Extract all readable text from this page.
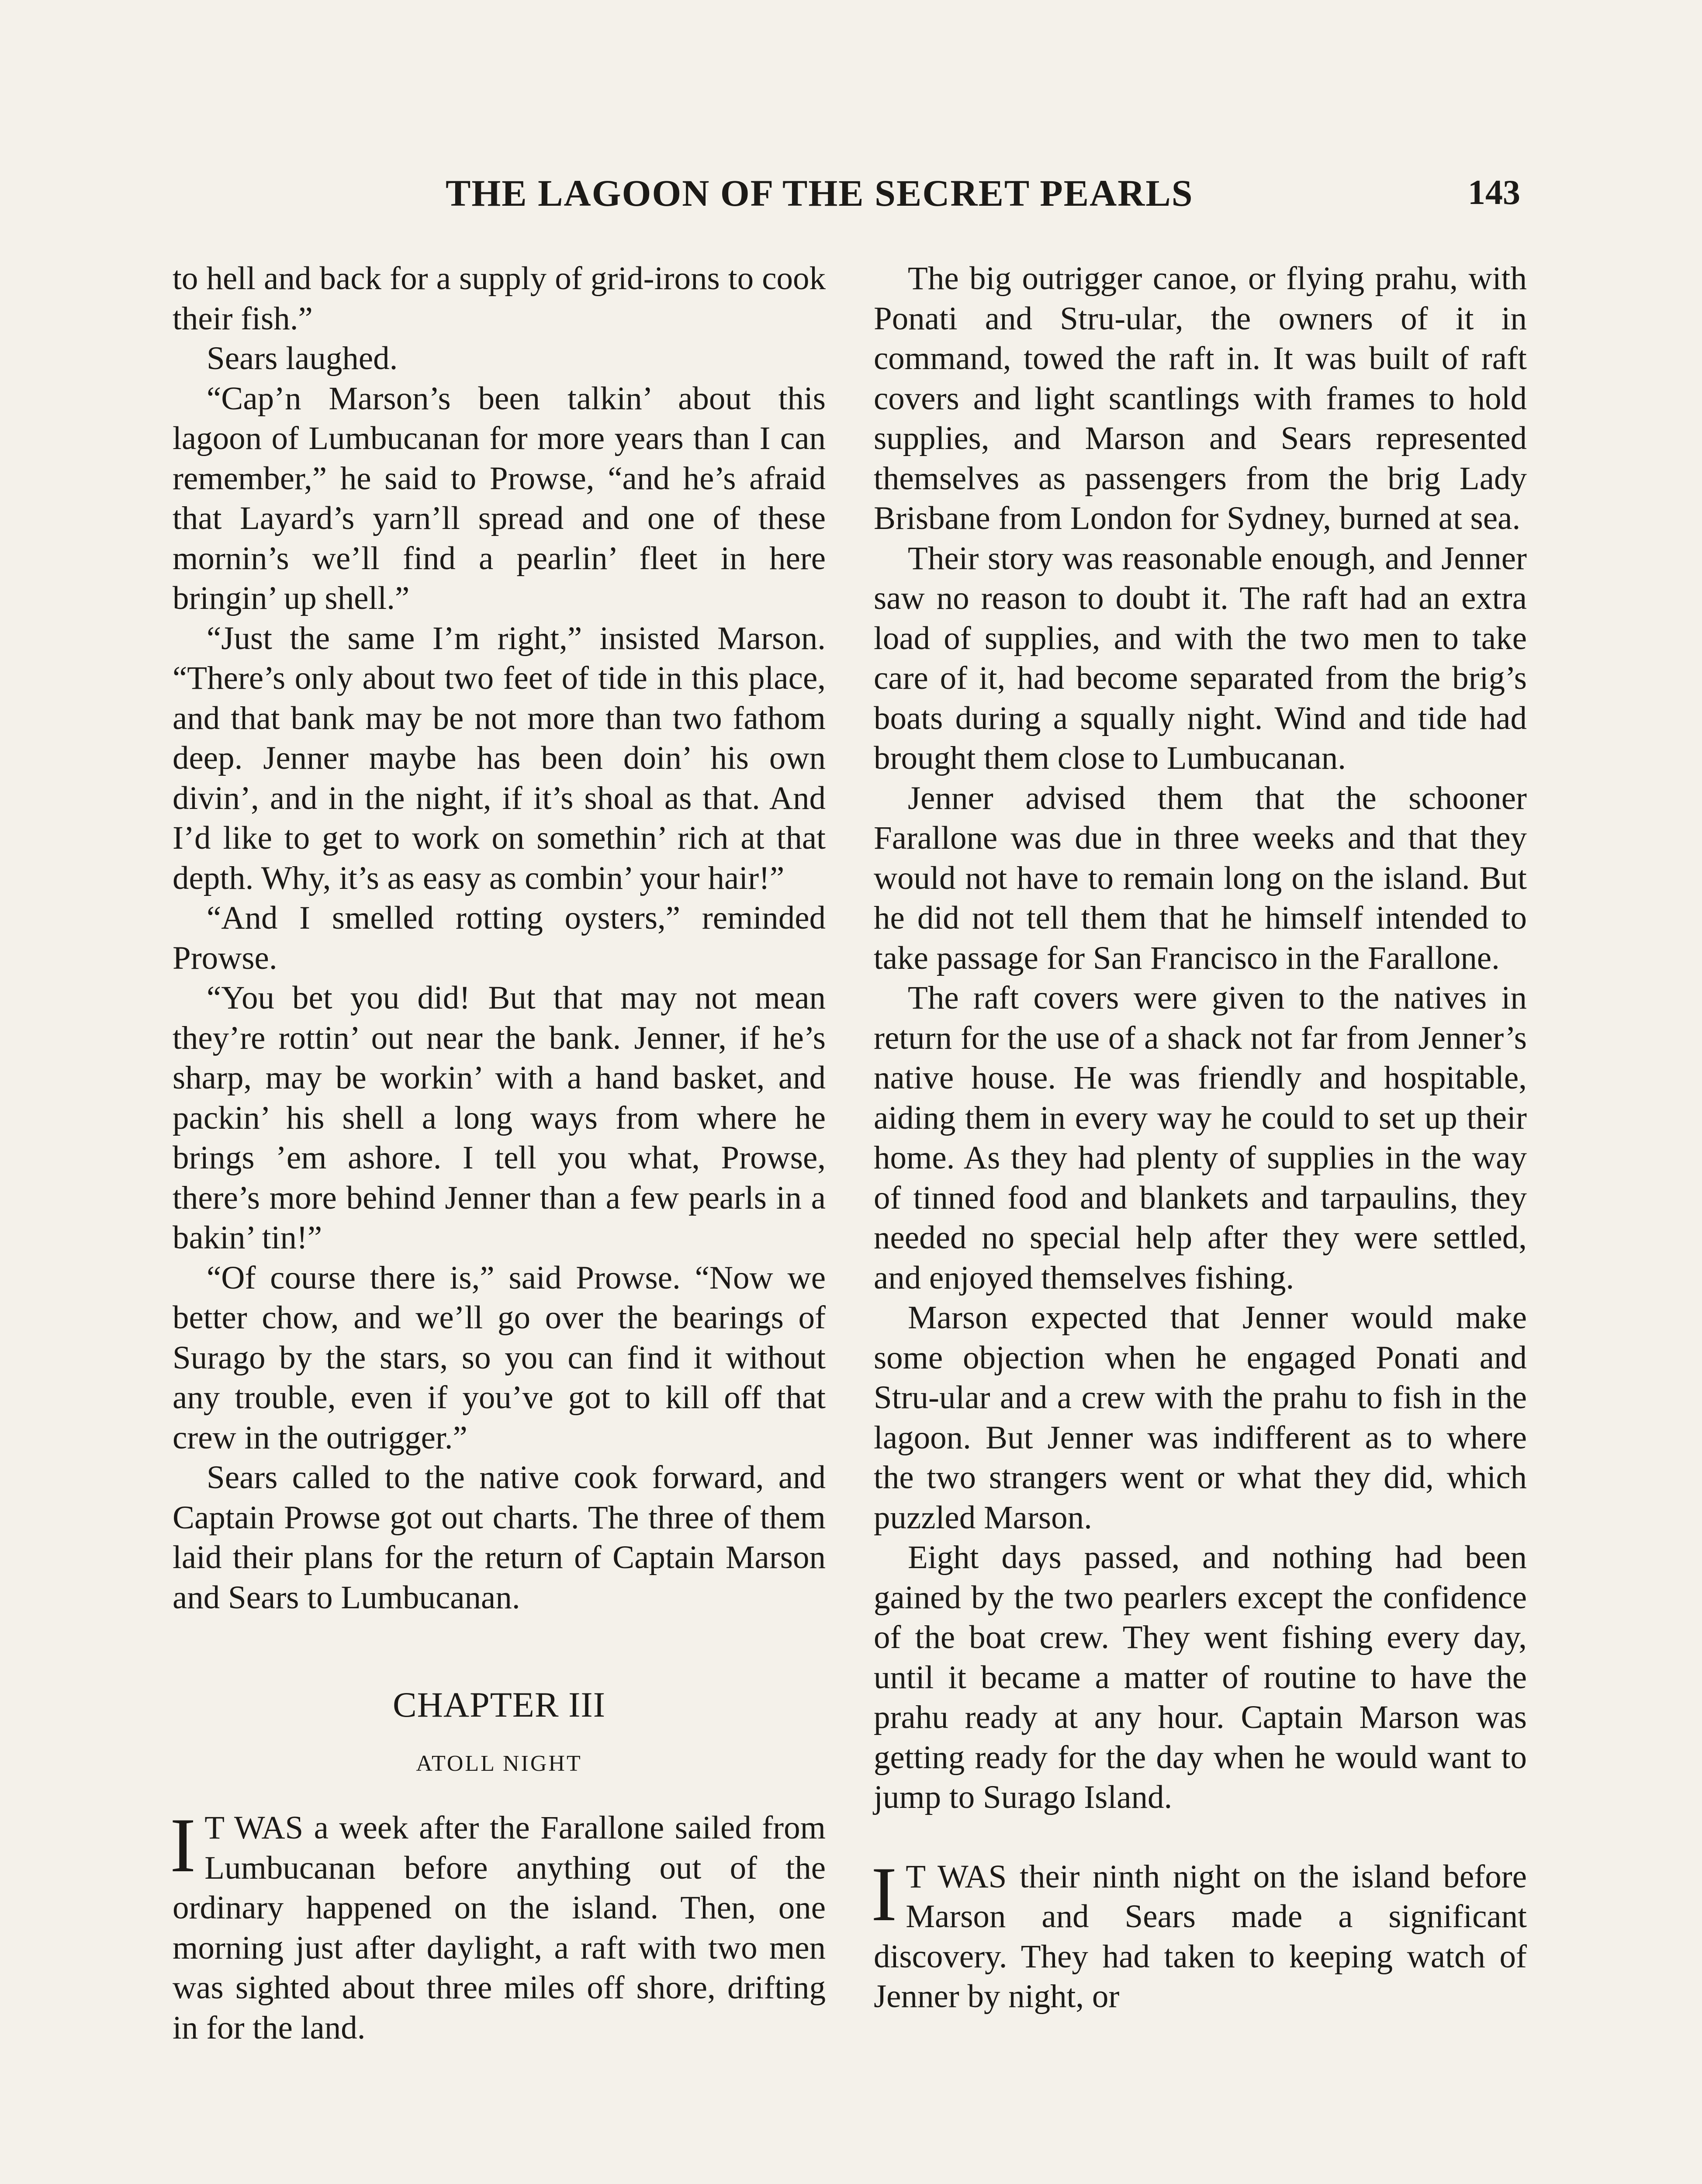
THE LAGOON OF THE SECRET PEARLS	143

to hell and back for a supply of grid-irons to cook their fish.”

Sears laughed.

“Cap’n Marson’s been talkin’ about this lagoon of Lumbucanan for more years than I can remember,” he said to Prowse, “and he’s afraid that Layard’s yarn’ll spread and one of these mornin’s we’ll find a pearlin’ fleet in here bringin’ up shell.”

“Just the same I’m right,” insisted Marson. “There’s only about two feet of tide in this place, and that bank may be not more than two fathom deep. Jenner maybe has been doin’ his own divin’, and in the night, if it’s shoal as that. And I’d like to get to work on somethin’ rich at that depth. Why, it’s as easy as combin’ your hair!”

“And I smelled rotting oysters,” reminded Prowse.

“You bet you did! But that may not mean they’re rottin’ out near the bank. Jenner, if he’s sharp, may be workin’ with a hand basket, and packin’ his shell a long ways from where he brings ’em ashore. I tell you what, Prowse, there’s more behind Jenner than a few pearls in a bakin’ tin!”

“Of course there is,” said Prowse. “Now we better chow, and we’ll go over the bearings of Surago by the stars, so you can find it without any trouble, even if you’ve got to kill off that crew in the outrigger.”

Sears called to the native cook forward, and Captain Prowse got out charts. The three of them laid their plans for the return of Captain Marson and Sears to Lumbucanan.

CHAPTER III
ATOLL NIGHT

I T WAS a week after the Farallone sailed from Lumbucanan before anything out of the ordinary happened on the island. Then, one morning just after daylight, a raft with two men was sighted about three miles off shore, drifting in for the land.

The big outrigger canoe, or flying prahu, with Ponati and Stru-ular, the owners of it in command, towed the raft in. It was built of raft covers and light scantlings with frames to hold supplies, and Marson and Sears represented themselves as passengers from the brig Lady Brisbane from London for Sydney, burned at sea.

Their story was reasonable enough, and Jenner saw no reason to doubt it. The raft had an extra load of supplies, and with the two men to take care of it, had become separated from the brig’s boats during a squally night. Wind and tide had brought them close to Lumbucanan.

Jenner advised them that the schooner Farallone was due in three weeks and that they would not have to remain long on the island. But he did not tell them that he himself intended to take passage for San Francisco in the Farallone.

The raft covers were given to the natives in return for the use of a shack not far from Jenner’s native house. He was friendly and hospitable, aiding them in every way he could to set up their home. As they had plenty of supplies in the way of tinned food and blankets and tarpaulins, they needed no special help after they were settled, and enjoyed themselves fishing.

Marson expected that Jenner would make some objection when he engaged Ponati and Stru-ular and a crew with the prahu to fish in the lagoon. But Jenner was indifferent as to where the two strangers went or what they did, which puzzled Marson.

Eight days passed, and nothing had been gained by the two pearlers except the confidence of the boat crew. They went fishing every day, until it became a matter of routine to have the prahu ready at any hour. Captain Marson was getting ready for the day when he would want to jump to Surago Island.

I T WAS their ninth night on the island before Marson and Sears made a significant discovery. They had taken to keeping watch of Jenner by night, or
